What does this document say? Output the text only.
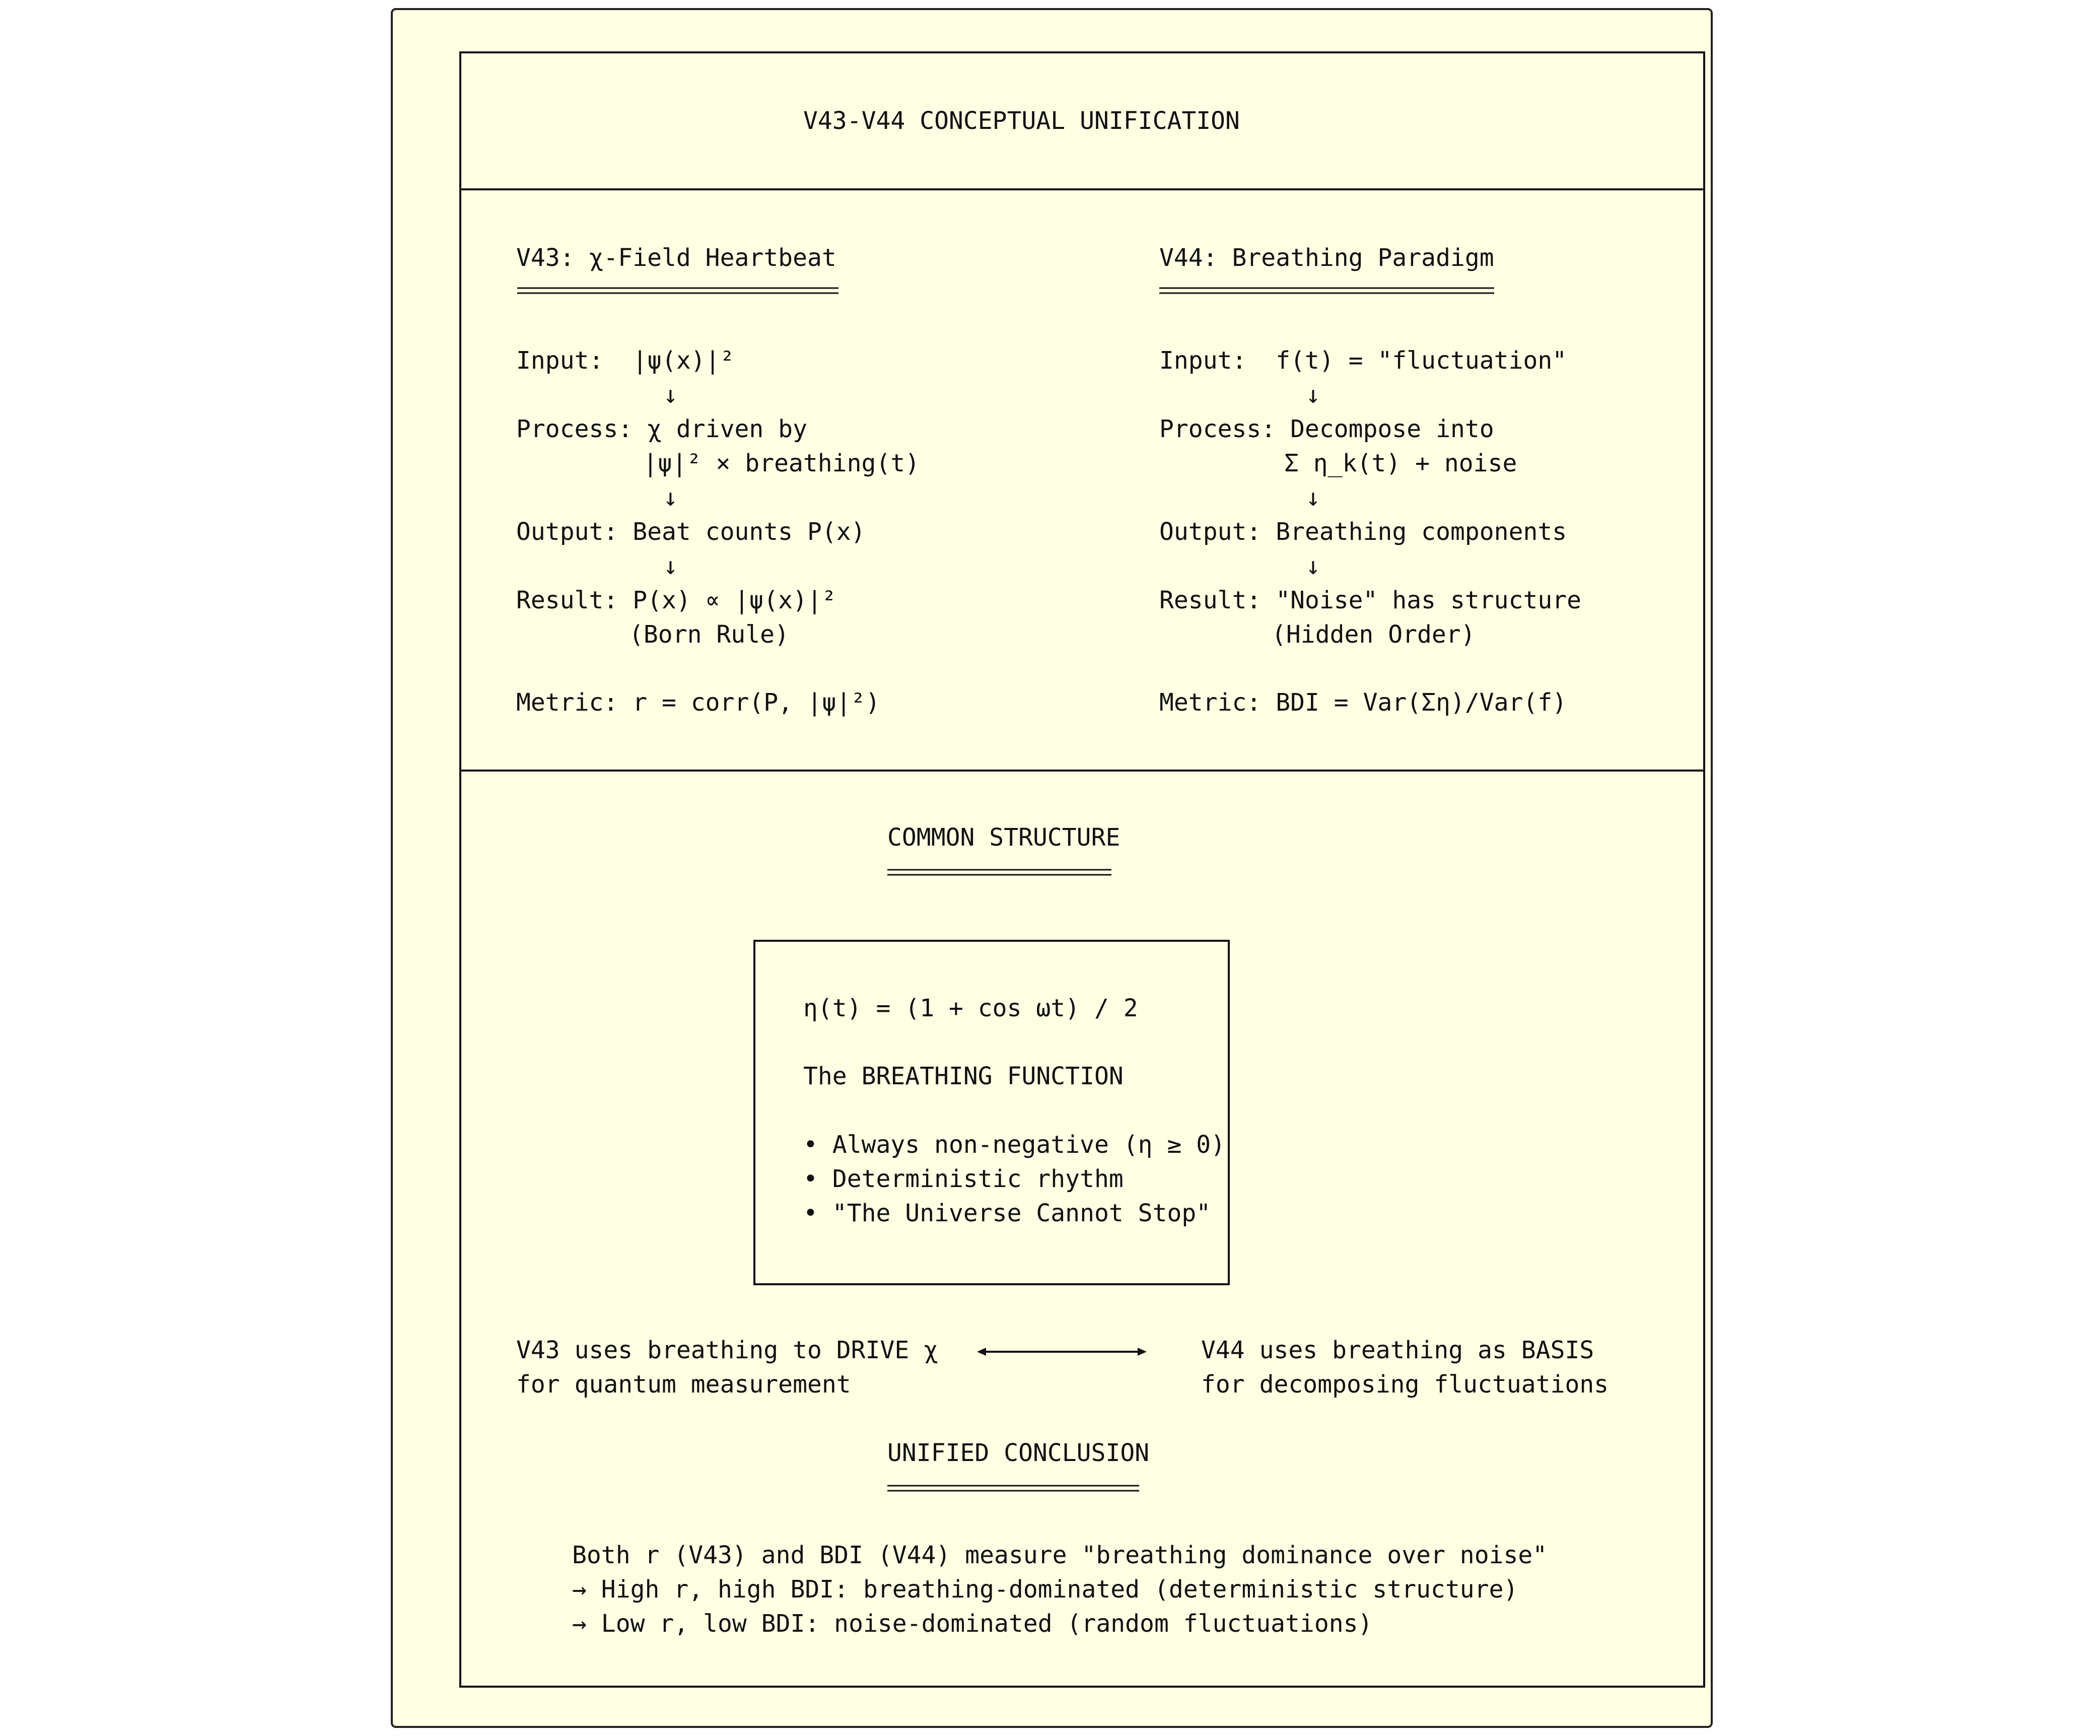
V43-V44 CONCEPTUAL UNIFICATION
V43: χ-Field Heartbeat
Input:  |ψ(x)|²
↓
Process: χ driven by
|ψ|² × breathing(t)
↓
Output: Beat counts P(x)
↓
Result: P(x) ∝ |ψ(x)|²
(Born Rule)
Metric: r = corr(P, |ψ|²)
V44: Breathing Paradigm
Input:  f(t) = "fluctuation"
↓
Process: Decompose into
Σ η_k(t) + noise
↓
Output: Breathing components
↓
Result: "Noise" has structure
(Hidden Order)
Metric: BDI = Var(Ση)/Var(f)
COMMON STRUCTURE
η(t) = (1 + cos ωt) / 2
The BREATHING FUNCTION
• Always non-negative (η ≥ 0)
• Deterministic rhythm
• "The Universe Cannot Stop"
V43 uses breathing to DRIVE χ
for quantum measurement
V44 uses breathing as BASIS
for decomposing fluctuations
UNIFIED CONCLUSION
Both r (V43) and BDI (V44) measure "breathing dominance over noise"
→ High r, high BDI: breathing-dominated (deterministic structure)
→ Low r, low BDI: noise-dominated (random fluctuations)
